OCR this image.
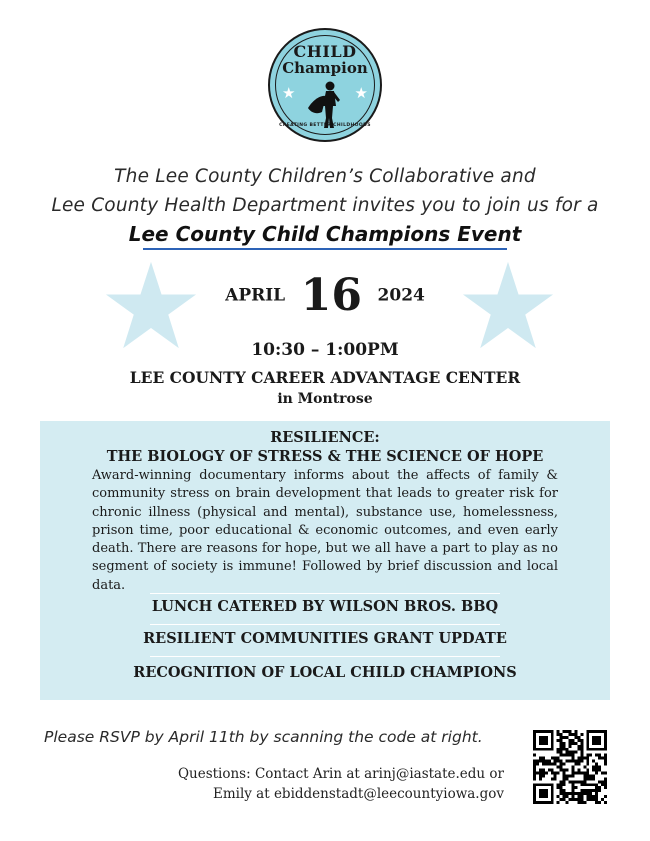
CHILD
Champion
★	★
CREATING BETTER CHILDHOODS
The Lee County Children’s Collaborative and
Lee County Health Department invites you to join us for a
Lee County Child Champions Event
APRIL 16 2024
10:30 – 1:00PM
LEE COUNTY CAREER ADVANTAGE CENTER
in Montrose
RESILIENCE:
THE BIOLOGY OF STRESS & THE SCIENCE OF HOPE
Award-winning documentary informs about the affects of family & community stress on brain development that leads to greater risk for chronic illness (physical and mental), substance use, homelessness, prison time, poor educational & economic outcomes, and even early death. There are reasons for hope, but we all have a part to play as no segment of society is immune! Followed by brief discussion and local data.
LUNCH CATERED BY WILSON BROS. BBQ
RESILIENT COMMUNITIES GRANT UPDATE
RECOGNITION OF LOCAL CHILD CHAMPIONS
Please RSVP by April 11th by scanning the code at right.
Questions: Contact Arin at arinj@iastate.edu or
Emily at ebiddenstadt@leecountyiowa.gov
